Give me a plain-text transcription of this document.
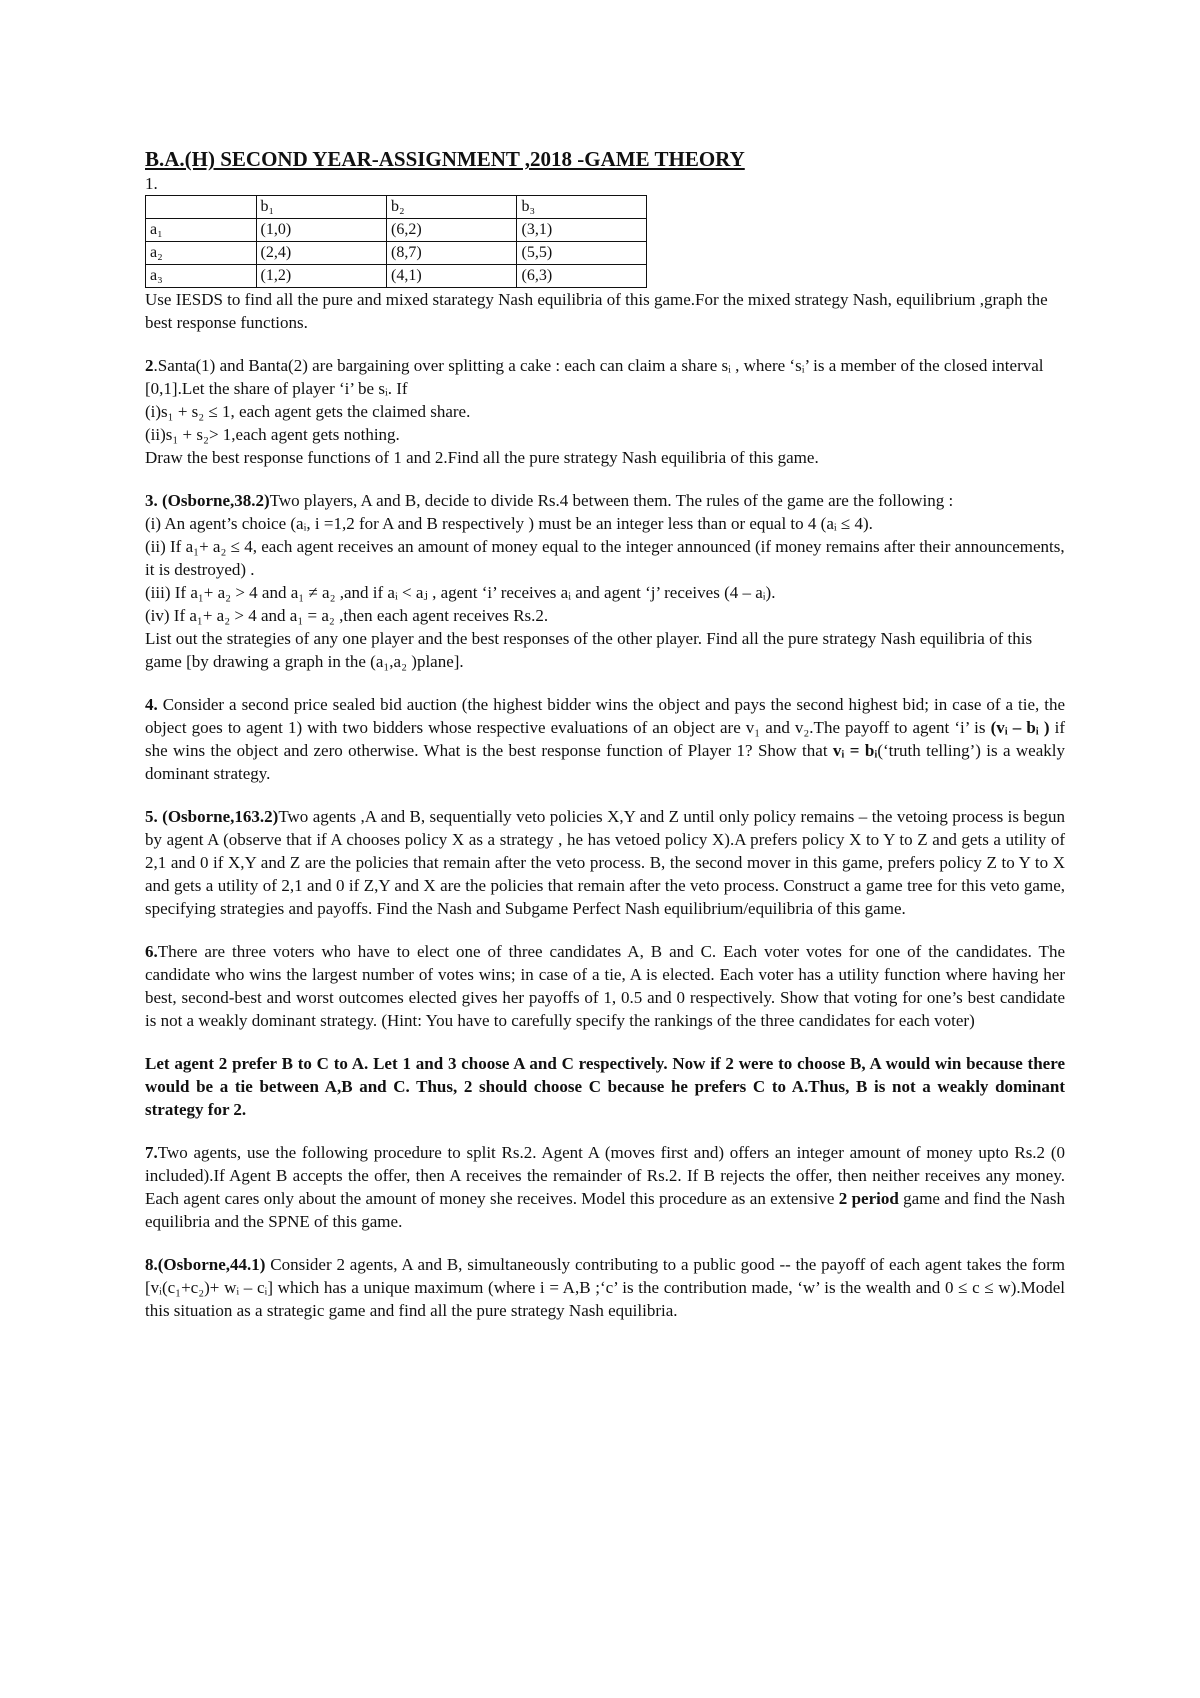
B.A.(H) SECOND YEAR-ASSIGNMENT ,2018 -GAME THEORY

1.

	b₁	b₂	b₃
a₁	(1,0)	(6,2)	(3,1)
a₂	(2,4)	(8,7)	(5,5)
a₃	(1,2)	(4,1)	(6,3)

Use IESDS to find all the pure and mixed starategy Nash equilibria of this game.For the mixed strategy Nash, equilibrium ,graph the best response functions.

2.Santa(1) and Banta(2) are bargaining over splitting a cake : each can claim a share sᵢ , where ‘sᵢ’ is a member of the closed interval [0,1].Let the share of player ‘i’ be sᵢ. If

(i)s₁ + s₂ ≤ 1, each agent gets the claimed share.

(ii)s₁ + s₂> 1,each agent gets nothing.

Draw the best response functions of 1 and 2.Find all the pure strategy Nash equilibria of this game.

3. (Osborne,38.2)Two players, A and B, decide to divide Rs.4 between them. The rules of the game are the following :

(i) An agent’s choice (aᵢ, i =1,2 for A and B respectively ) must be an integer less than or equal to 4 (aᵢ ≤ 4).

(ii) If a₁+ a₂ ≤ 4, each agent receives an amount of money equal to the integer announced (if money remains after their announcements, it is destroyed) .

(iii) If a₁+ a₂ > 4 and a₁ ≠ a₂ ,and if aᵢ < aⱼ , agent ‘i’ receives aᵢ and agent ‘j’ receives (4 – aᵢ).

(iv) If a₁+ a₂ > 4 and a₁ = a₂ ,then each agent receives Rs.2.

List out the strategies of any one player and the best responses of the other player. Find all the pure strategy Nash equilibria of this game [by drawing a graph in the (a₁,a₂ )plane].

4. Consider a second price sealed bid auction (the highest bidder wins the object and pays the second highest bid; in case of a tie, the object goes to agent 1) with two bidders whose respective evaluations of an object are v₁ and v₂.The payoff to agent ‘i’ is (vᵢ – bᵢ ) if she wins the object and zero otherwise. What is the best response function of Player 1? Show that vᵢ = bᵢ(‘truth telling’) is a weakly dominant strategy.

5. (Osborne,163.2)Two agents ,A and B, sequentially veto policies X,Y and Z until only policy remains – the vetoing process is begun by agent A (observe that if A chooses policy X as a strategy , he has vetoed policy X).A prefers policy X to Y to Z and gets a utility of 2,1 and 0 if X,Y and Z are the policies that remain after the veto process. B, the second mover in this game, prefers policy Z to Y to X and gets a utility of 2,1 and 0 if Z,Y and X are the policies that remain after the veto process. Construct a game tree for this veto game, specifying strategies and payoffs. Find the Nash and Subgame Perfect Nash equilibrium/equilibria of this game.

6.There are three voters who have to elect one of three candidates A, B and C. Each voter votes for one of the candidates. The candidate who wins the largest number of votes wins; in case of a tie, A is elected. Each voter has a utility function where having her best, second-best and worst outcomes elected gives her payoffs of 1, 0.5 and 0 respectively. Show that voting for one’s best candidate is not a weakly dominant strategy. (Hint: You have to carefully specify the rankings of the three candidates for each voter)

Let agent 2 prefer B to C to A. Let 1 and 3 choose A and C respectively. Now if 2 were to choose B, A would win because there would be a tie between A,B and C. Thus, 2 should choose C because he prefers C to A.Thus, B is not a weakly dominant strategy for 2.

7.Two agents, use the following procedure to split Rs.2. Agent A (moves first and) offers an integer amount of money upto Rs.2 (0 included).If Agent B accepts the offer, then A receives the remainder of Rs.2. If B rejects the offer, then neither receives any money. Each agent cares only about the amount of money she receives. Model this procedure as an extensive 2 period game and find the Nash equilibria and the SPNE of this game.

8.(Osborne,44.1) Consider 2 agents, A and B, simultaneously contributing to a public good -- the payoff of each agent takes the form [vᵢ(c₁+c₂)+ wᵢ – cᵢ] which has a unique maximum (where i = A,B ;‘c’ is the contribution made, ‘w’ is the wealth and 0 ≤ c ≤ w).Model this situation as a strategic game and find all the pure strategy Nash equilibria.
